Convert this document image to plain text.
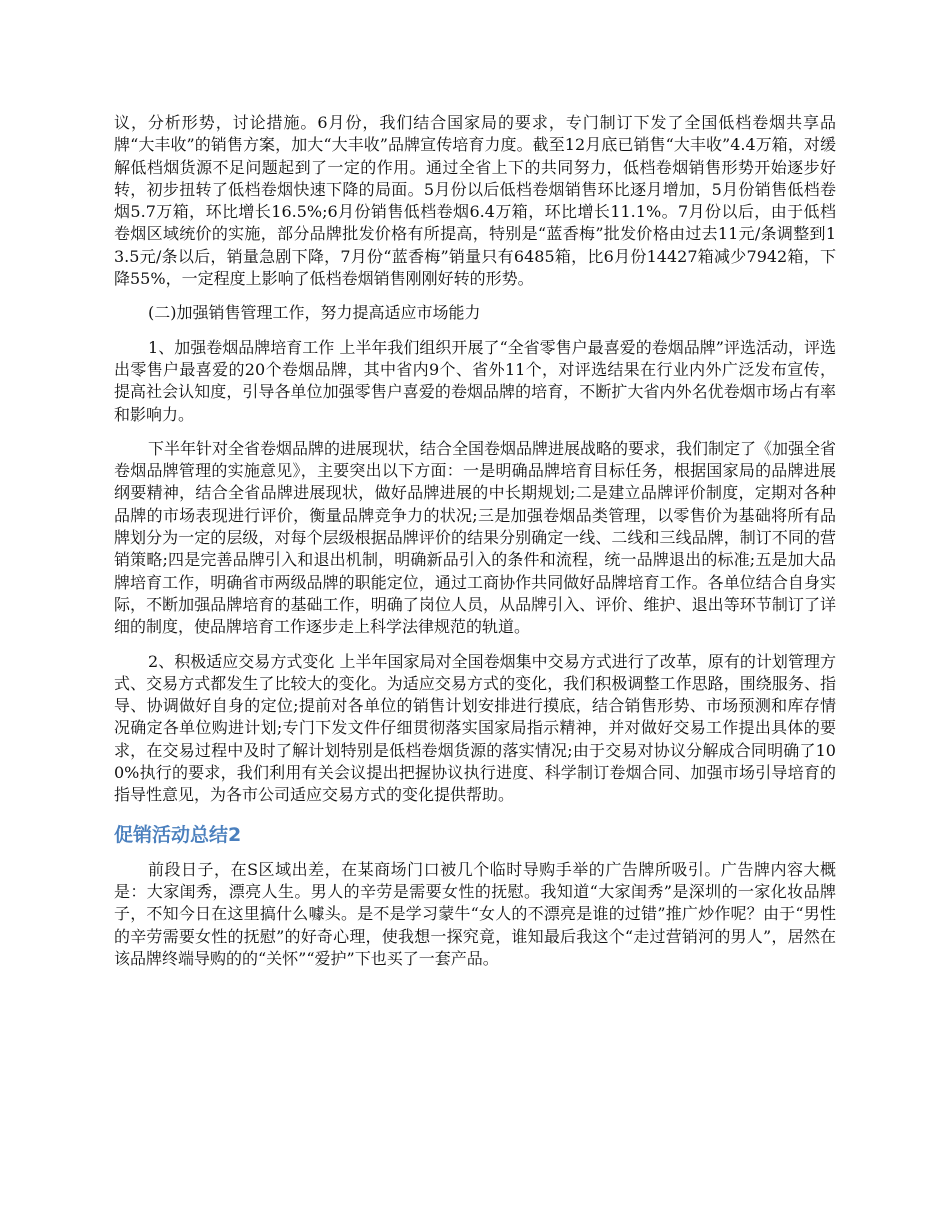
议，分析形势，讨论措施。6月份，我们结合国家局的要求，专门制订下发了全国低档卷烟共享品牌“大丰收”的销售方案，加大“大丰收”品牌宣传培育力度。截至12月底已销售“大丰收”4.4万箱，对缓解低档烟货源不足问题起到了一定的作用。通过全省上下的共同努力，低档卷烟销售形势开始逐步好转，初步扭转了低档卷烟快速下降的局面。5月份以后低档卷烟销售环比逐月增加，5月份销售低档卷烟5.7万箱，环比增长16.5%;6月份销售低档卷烟6.4万箱，环比增长11.1%。7月份以后，由于低档卷烟区域统价的实施，部分品牌批发价格有所提高，特别是“蓝香梅”批发价格由过去11元/条调整到13.5元/条以后，销量急剧下降，7月份“蓝香梅”销量只有6485箱，比6月份14427箱减少7942箱，下降55%，一定程度上影响了低档卷烟销售刚刚好转的形势。

(二)加强销售管理工作，努力提高适应市场能力

1、加强卷烟品牌培育工作 上半年我们组织开展了“全省零售户最喜爱的卷烟品牌”评选活动，评选出零售户最喜爱的20个卷烟品牌，其中省内9个、省外11个，对评选结果在行业内外广泛发布宣传，提高社会认知度，引导各单位加强零售户喜爱的卷烟品牌的培育，不断扩大省内外名优卷烟市场占有率和影响力。

下半年针对全省卷烟品牌的进展现状，结合全国卷烟品牌进展战略的要求，我们制定了《加强全省卷烟品牌管理的实施意见》，主要突出以下方面：一是明确品牌培育目标任务，根据国家局的品牌进展纲要精神，结合全省品牌进展现状，做好品牌进展的中长期规划;二是建立品牌评价制度，定期对各种品牌的市场表现进行评价，衡量品牌竞争力的状况;三是加强卷烟品类管理，以零售价为基础将所有品牌划分为一定的层级，对每个层级根据品牌评价的结果分别确定一线、二线和三线品牌，制订不同的营销策略;四是完善品牌引入和退出机制，明确新品引入的条件和流程，统一品牌退出的标准;五是加大品牌培育工作，明确省市两级品牌的职能定位，通过工商协作共同做好品牌培育工作。各单位结合自身实际，不断加强品牌培育的基础工作，明确了岗位人员，从品牌引入、评价、维护、退出等环节制订了详细的制度，使品牌培育工作逐步走上科学法律规范的轨道。

2、积极适应交易方式变化 上半年国家局对全国卷烟集中交易方式进行了改革，原有的计划管理方式、交易方式都发生了比较大的变化。为适应交易方式的变化，我们积极调整工作思路，围绕服务、指导、协调做好自身的定位;提前对各单位的销售计划安排进行摸底，结合销售形势、市场预测和库存情况确定各单位购进计划;专门下发文件仔细贯彻落实国家局指示精神，并对做好交易工作提出具体的要求，在交易过程中及时了解计划特别是低档卷烟货源的落实情况;由于交易对协议分解成合同明确了100%执行的要求，我们利用有关会议提出把握协议执行进度、科学制订卷烟合同、加强市场引导培育的指导性意见，为各市公司适应交易方式的变化提供帮助。

促销活动总结2

前段日子，在S区域出差，在某商场门口被几个临时导购手举的广告牌所吸引。广告牌内容大概是：大家闺秀，漂亮人生。男人的辛劳是需要女性的抚慰。我知道“大家闺秀”是深圳的一家化妆品牌子，不知今日在这里搞什么噱头。是不是学习蒙牛“女人的不漂亮是谁的过错”推广炒作呢？由于“男性的辛劳需要女性的抚慰”的好奇心理，使我想一探究竟，谁知最后我这个“走过营销河的男人”，居然在该品牌终端导购的的“关怀”“爱护”下也买了一套产品。
